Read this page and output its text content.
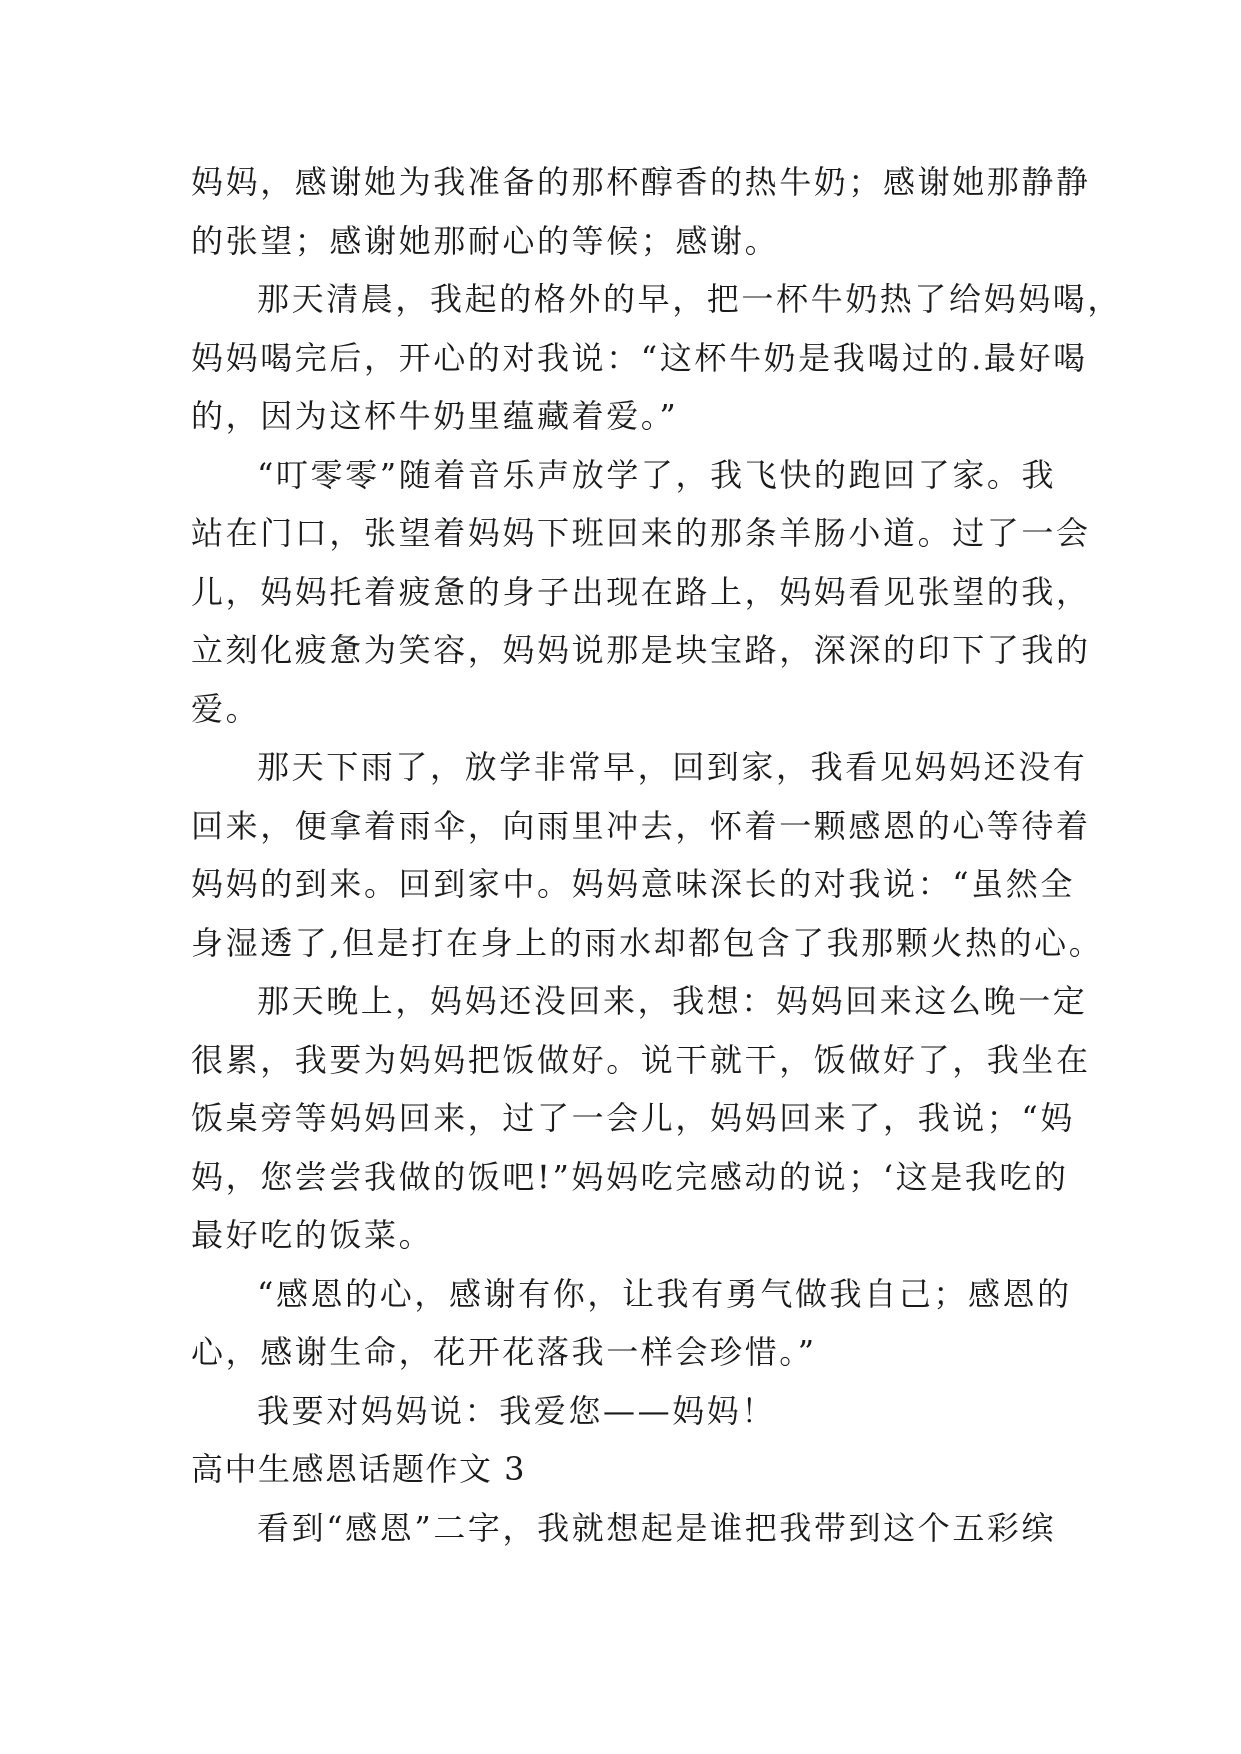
妈妈，感谢她为我准备的那杯醇香的热牛奶；感谢她那静静
的张望；感谢她那耐心的等候；感谢。
那天清晨，我起的格外的早，把一杯牛奶热了给妈妈喝，
妈妈喝完后，开心的对我说：“这杯牛奶是我喝过的.最好喝
的，因为这杯牛奶里蕴藏着爱。”
“叮零零”随着音乐声放学了，我飞快的跑回了家。我
站在门口，张望着妈妈下班回来的那条羊肠小道。过了一会
儿，妈妈托着疲惫的身子出现在路上，妈妈看见张望的我，
立刻化疲惫为笑容，妈妈说那是块宝路，深深的印下了我的
爱。
那天下雨了，放学非常早，回到家，我看见妈妈还没有
回来，便拿着雨伞，向雨里冲去，怀着一颗感恩的心等待着
妈妈的到来。回到家中。妈妈意味深长的对我说：“虽然全
身湿透了,但是打在身上的雨水却都包含了我那颗火热的心。
那天晚上，妈妈还没回来，我想：妈妈回来这么晚一定
很累，我要为妈妈把饭做好。说干就干，饭做好了，我坐在
饭桌旁等妈妈回来，过了一会儿，妈妈回来了，我说；“妈
妈，您尝尝我做的饭吧!”妈妈吃完感动的说；‘这是我吃的
最好吃的饭菜。
“感恩的心，感谢有你，让我有勇气做我自己；感恩的
心，感谢生命，花开花落我一样会珍惜。”
我要对妈妈说：我爱您——妈妈！
高中生感恩话题作文 3
看到“感恩”二字，我就想起是谁把我带到这个五彩缤
